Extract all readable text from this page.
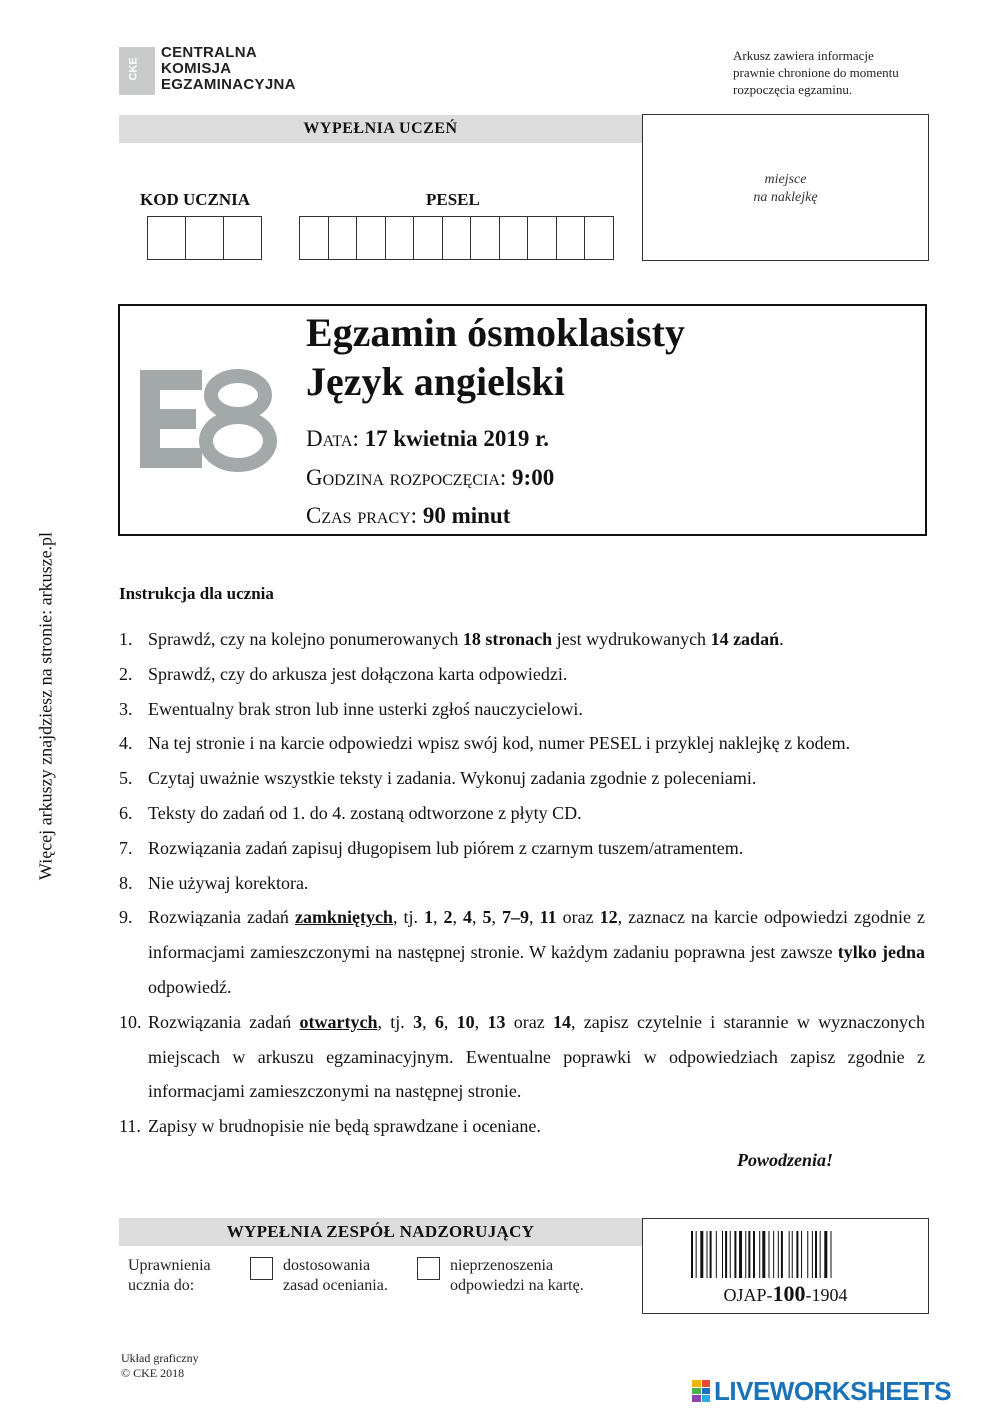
CKE
CENTRALNA
KOMISJA
EGZAMINACYJNA
Arkusz zawiera informacje
prawnie chronione do momentu
rozpoczęcia egzaminu.
WYPEŁNIA UCZEŃ
KOD UCZNIA	PESEL
miejsce
na naklejkę
Egzamin ósmoklasisty
Język angielski
Data: 17 kwietnia 2019 r.
Godzina rozpoczęcia: 9:00
Czas pracy: 90 minut
Więcej arkuszy znajdziesz na stronie: arkusze.pl	Instrukcja dla ucznia
1. Sprawdź, czy na kolejno ponumerowanych 18 stronach jest wydrukowanych 14 zadań.
2. Sprawdź, czy do arkusza jest dołączona karta odpowiedzi.
3. Ewentualny brak stron lub inne usterki zgłoś nauczycielowi.
4. Na tej stronie i na karcie odpowiedzi wpisz swój kod, numer PESEL i przyklej naklejkę z kodem.
5. Czytaj uważnie wszystkie teksty i zadania. Wykonuj zadania zgodnie z poleceniami.
6. Teksty do zadań od 1. do 4. zostaną odtworzone z płyty CD.
7. Rozwiązania zadań zapisuj długopisem lub piórem z czarnym tuszem/atramentem.
8. Nie używaj korektora.
9. Rozwiązania zadań zamkniętych, tj. 1, 2, 4, 5, 7–9, 11 oraz 12, zaznacz na karcie odpowiedzi zgodnie z informacjami zamieszczonymi na następnej stronie. W każdym zadaniu poprawna jest zawsze tylko jedna odpowiedź.
10. Rozwiązania zadań otwartych, tj. 3, 6, 10, 13 oraz 14, zapisz czytelnie i starannie w wyznaczonych miejscach w arkuszu egzaminacyjnym. Ewentualne poprawki w odpowiedziach zapisz zgodnie z informacjami zamieszczonymi na następnej stronie.
11. Zapisy w brudnopisie nie będą sprawdzane i oceniane.
Powodzenia!
WYPEŁNIA ZESPÓŁ NADZORUJĄCY
Uprawnienia
ucznia do:
dostosowania
zasad oceniania.
nieprzenoszenia
odpowiedzi na kartę.	OJAP-100-1904
Układ graficzny
© CKE 2018
LIVEWORKSHEETS
